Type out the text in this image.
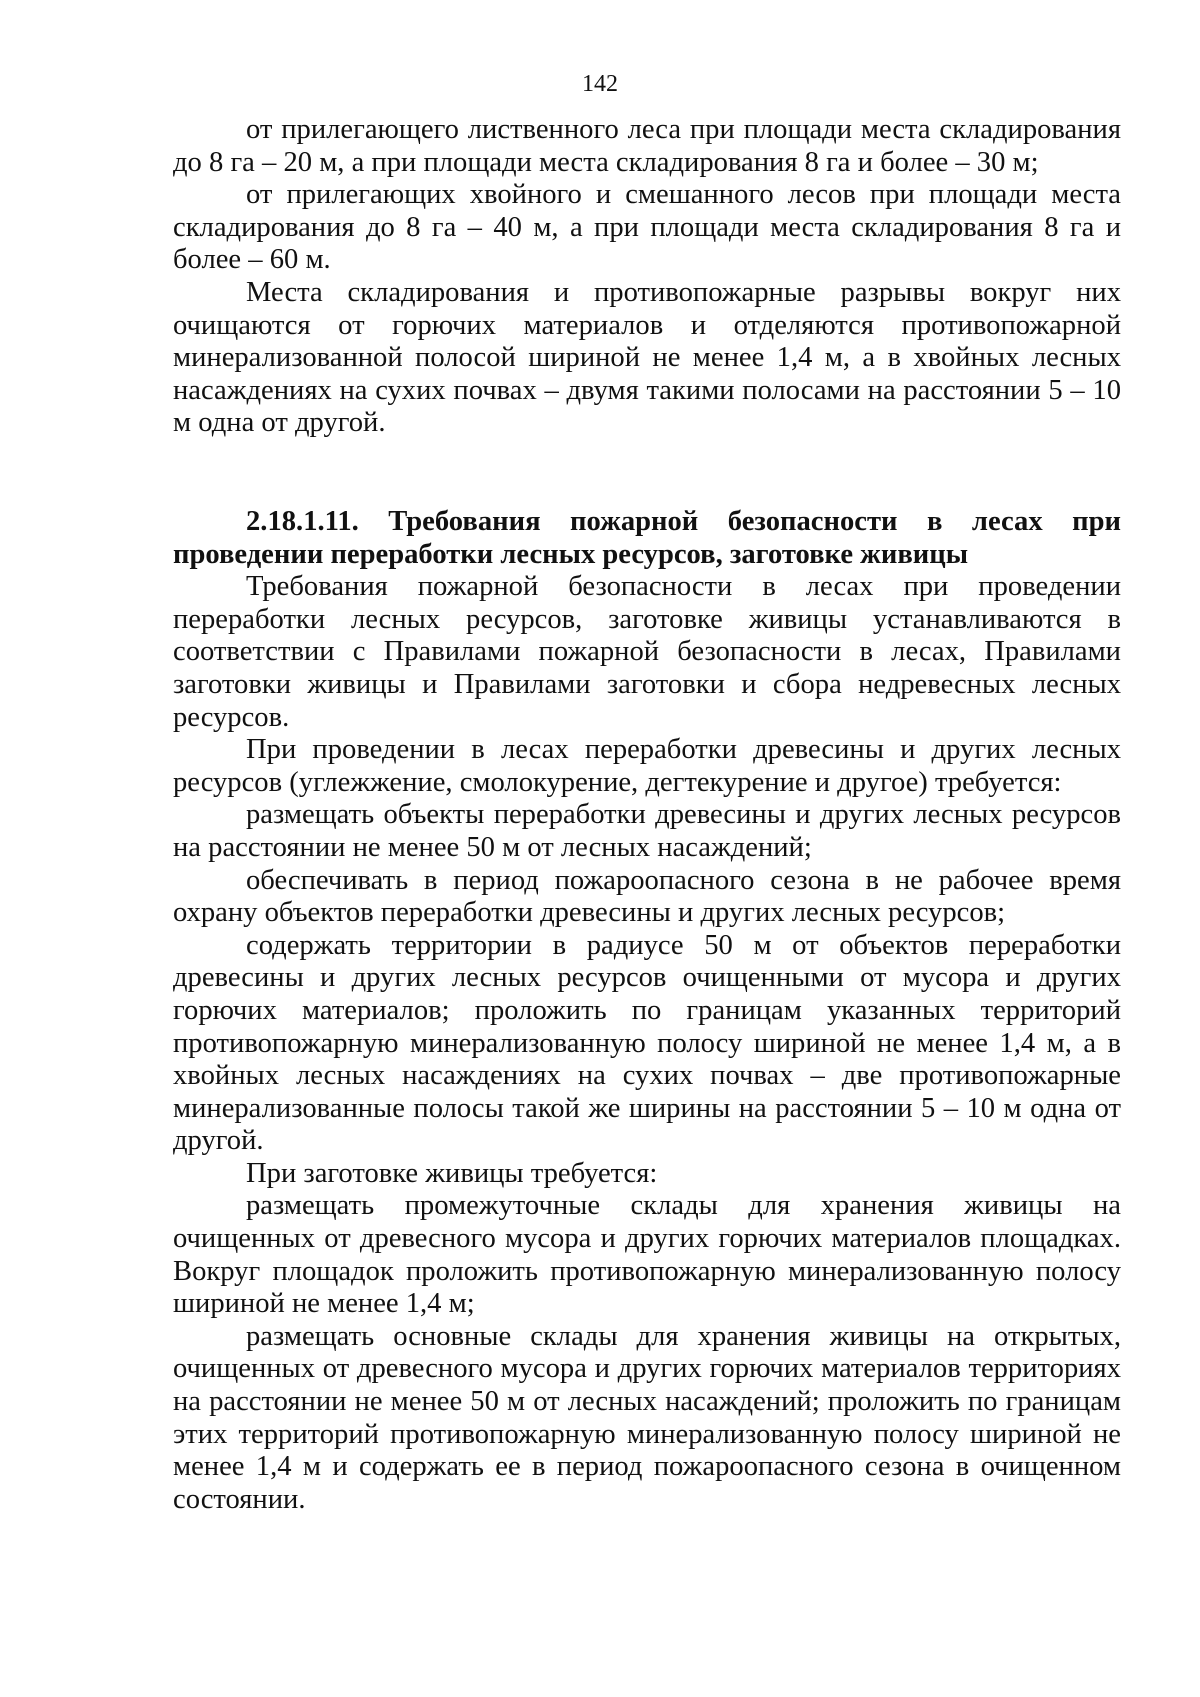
142

от прилегающего лиственного леса при площади места складирования до 8 га – 20 м, а при площади места складирования 8 га и более – 30 м;

от прилегающих хвойного и смешанного лесов при площади места складирования до 8 га – 40 м, а при площади места складирования 8 га и более – 60 м.

Места складирования и противопожарные разрывы вокруг них очищаются от горючих материалов и отделяются противопожарной минерализованной полосой шириной не менее 1,4 м, а в хвойных лесных насаждениях на сухих почвах – двумя такими полосами на расстоянии 5 – 10 м одна от другой.

2.18.1.11. Требования пожарной безопасности в лесах при проведении переработки лесных ресурсов, заготовке живицы

Требования пожарной безопасности в лесах при проведении переработки лесных ресурсов, заготовке живицы устанавливаются в соответствии с Правилами пожарной безопасности в лесах, Правилами заготовки живицы и Правилами заготовки и сбора недревесных лесных ресурсов.

При проведении в лесах переработки древесины и других лесных ресурсов (углежжение, смолокурение, дегтекурение и другое) требуется:

размещать объекты переработки древесины и других лесных ресурсов на расстоянии не менее 50 м от лесных насаждений;

обеспечивать в период пожароопасного сезона в не рабочее время охрану объектов переработки древесины и других лесных ресурсов;

содержать территории в радиусе 50 м от объектов переработки древесины и других лесных ресурсов очищенными от мусора и других горючих материалов; проложить по границам указанных территорий противопожарную минерализованную полосу шириной не менее 1,4 м, а в хвойных лесных насаждениях на сухих почвах – две противопожарные минерализованные полосы такой же ширины на расстоянии 5 – 10 м одна от другой.

При заготовке живицы требуется:

размещать промежуточные склады для хранения живицы на очищенных от древесного мусора и других горючих материалов площадках. Вокруг площадок проложить противопожарную минерализованную полосу шириной не менее 1,4 м;

размещать основные склады для хранения живицы на открытых, очищенных от древесного мусора и других горючих материалов территориях на расстоянии не менее 50 м от лесных насаждений; проложить по границам этих территорий противопожарную минерализованную полосу шириной не менее 1,4 м и содержать ее в период пожароопасного сезона в очищенном состоянии.
